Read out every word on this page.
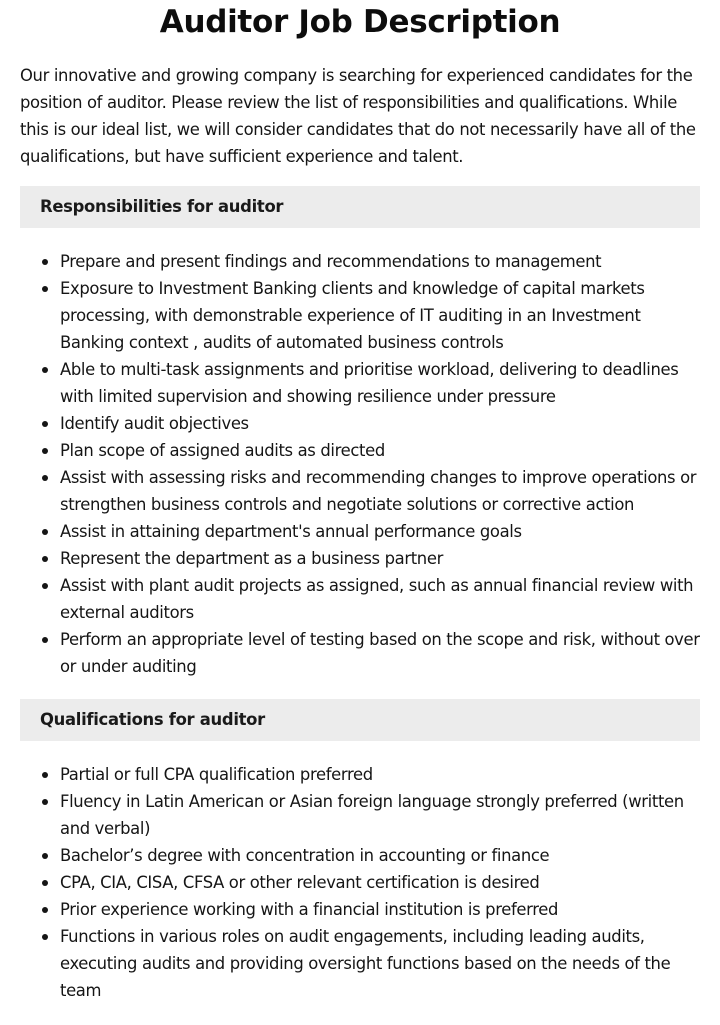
Auditor Job Description

Our innovative and growing company is searching for experienced candidates for the position of auditor. Please review the list of responsibilities and qualifications. While this is our ideal list, we will consider candidates that do not necessarily have all of the qualifications, but have sufficient experience and talent.

Responsibilities for auditor
Prepare and present findings and recommendations to management
Exposure to Investment Banking clients and knowledge of capital markets processing, with demonstrable experience of IT auditing in an Investment Banking context , audits of automated business controls
Able to multi-task assignments and prioritise workload, delivering to deadlines with limited supervision and showing resilience under pressure
Identify audit objectives
Plan scope of assigned audits as directed
Assist with assessing risks and recommending changes to improve operations or strengthen business controls and negotiate solutions or corrective action
Assist in attaining department's annual performance goals
Represent the department as a business partner
Assist with plant audit projects as assigned, such as annual financial review with external auditors
Perform an appropriate level of testing based on the scope and risk, without over or under auditing
Qualifications for auditor
Partial or full CPA qualification preferred
Fluency in Latin American or Asian foreign language strongly preferred (written and verbal)
Bachelor’s degree with concentration in accounting or finance
CPA, CIA, CISA, CFSA or other relevant certification is desired
Prior experience working with a financial institution is preferred
Functions in various roles on audit engagements, including leading audits, executing audits and providing oversight functions based on the needs of the team
